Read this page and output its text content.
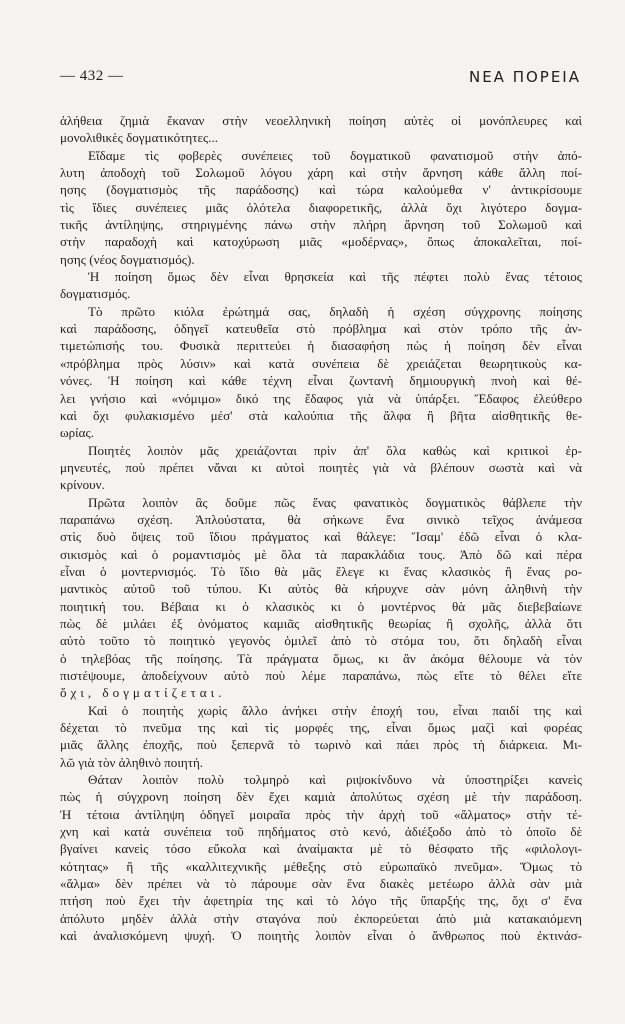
— 432 —	ΝΕΑ ΠΟΡΕΙΑ
ἀλήθεια ζημιὰ ἔκαναν στὴν νεοελληνικὴ ποίηση αὐτὲς οἱ μονόπλευρες καὶ
μονολιθικὲς δογματικότητες...
Εἴδαμε τὶς φοβερὲς συνέπειες τοῦ δογματικοῦ φανατισμοῦ στὴν ἀπό-
λυτη ἀποδοχὴ τοῦ Σολωμοῦ λόγου χάρη καὶ στὴν ἄρνηση κάθε ἄλλη ποί-
ησης (δογματισμὸς τῆς παράδοσης) καὶ τώρα καλούμεθα ν' ἀντικρίσουμε
τὶς ἴδιες συνέπειες μιᾶς ὁλότελα διαφορετικῆς, ἀλλὰ ὄχι λιγότερο δογμα-
τικῆς ἀντίληψης, στηριγμένης πάνω στὴν πλήρη ἄρνηση τοῦ Σολωμοῦ καὶ
στὴν παραδοχὴ καὶ κατοχύρωση μιᾶς «μοδέρνας», ὅπως ἀποκαλεῖται, ποί-
ησης (νέος δογματισμός).
Ἡ ποίηση ὅμως δὲν εἶναι θρησκεία καὶ τῆς πέφτει πολὺ ἕνας τέτοιος
δογματισμός.
Τὸ πρῶτο κιόλα ἐρώτημά σας, δηλαδὴ ἡ σχέση σύγχρονης ποίησης
καὶ παράδοσης, ὁδηγεῖ κατευθεῖα στὸ πρόβλημα καὶ στὸν τρόπο τῆς ἀν-
τιμετώπισής του. Φυσικὰ περιττεύει ἡ διασαφήση πὼς ἡ ποίηση δὲν εἶναι
«πρόβλημα πρὸς λύσιν» καὶ κατὰ συνέπεια δὲ χρειάζεται θεωρητικοὺς κα-
νόνες. Ἡ ποίηση καὶ κάθε τέχνη εἶναι ζωντανὴ δημιουργικὴ πνοὴ καὶ θέ-
λει γνήσιο καὶ «νόμιμο» δικό της ἔδαφος γιὰ νὰ ὑπάρξει. Ἔδαφος ἐλεύθερο
καὶ ὄχι φυλακισμένο μέσ' στὰ καλούπια τῆς ἄλφα ἢ βῆτα αἰσθητικῆς θε-
ωρίας.
Ποιητὲς λοιπὸν μᾶς χρειάζονται πρὶν ἀπ' ὅλα καθὼς καὶ κριτικοὶ ἑρ-
μηνευτές, ποὺ πρέπει νἄναι κι αὐτοὶ ποιητὲς γιὰ νὰ βλέπουν σωστὰ καὶ νὰ
κρίνουν.
Πρῶτα λοιπὸν ἂς δοῦμε πῶς ἕνας φανατικὸς δογματικὸς θάβλεπε τὴν
παραπάνω σχέση. Ἁπλούστατα, θὰ σήκωνε ἕνα σινικὸ τεῖχος ἀνάμεσα
στὶς δυὸ ὄψεις τοῦ ἴδιου πράγματος καὶ θάλεγε: Ἴσαμ' ἐδῶ εἶναι ὁ κλα-
σικισμὸς καὶ ὁ ρομαντισμὸς μὲ ὅλα τὰ παρακλάδια τους. Ἀπὸ δῶ καὶ πέρα
εἶναι ὁ μοντερνισμός. Τὸ ἴδιο θὰ μᾶς ἔλεγε κι ἕνας κλασικὸς ἢ ἕνας ρο-
μαντικὸς αὐτοῦ τοῦ τύπου. Κι αὐτὸς θὰ κήρυχνε σὰν μόνη ἀληθινὴ τὴν
ποιητική του. Βέβαια κι ὁ κλασικὸς κι ὁ μοντέρνος θὰ μᾶς διεβεβαίωνε
πὼς δὲ μιλάει ἐξ ὀνόματος καμιᾶς αἰσθητικῆς θεωρίας ἢ σχολῆς, ἀλλὰ ὅτι
αὐτὸ τοῦτο τὸ ποιητικὸ γεγονὸς ὁμιλεῖ ἀπὸ τὸ στόμα του, ὅτι δηλαδὴ εἶναι
ὁ τηλεβόας τῆς ποίησης. Τὰ πράγματα ὅμως, κι ἂν ἀκόμα θέλουμε νὰ τὸν
πιστέψουμε, ἀποδείχνουν αὐτὸ ποὺ λέμε παραπάνω, πὼς εἴτε τὸ θέλει εἴτε
ὄχι, δογματίζεται.
Καὶ ὁ ποιητὴς χωρὶς ἄλλο ἀνήκει στὴν ἐποχή του, εἶναι παιδί της καὶ
δέχεται τὸ πνεῦμα της καὶ τὶς μορφές της, εἶναι ὅμως μαζὶ καὶ φορέας
μιᾶς ἄλλης ἐποχῆς, ποὺ ξεπερνᾶ τὸ τωρινὸ καὶ πάει πρὸς τὴ διάρκεια. Μι-
λῶ γιὰ τὸν ἀληθινὸ ποιητή.
Θάταν λοιπὸν πολὺ τολμηρὸ καὶ ριψοκίνδυνο νὰ ὑποστηρίξει κανεὶς
πὼς ἡ σύγχρονη ποίηση δὲν ἔχει καμιὰ ἀπολύτως σχέση μὲ τὴν παράδοση.
Ἡ τέτοια ἀντίληψη ὁδηγεῖ μοιραῖα πρὸς τὴν ἀρχὴ τοῦ «ἅλματος» στὴν τέ-
χνη καὶ κατὰ συνέπεια τοῦ πηδήματος στὸ κενό, ἀδιέξοδο ἀπὸ τὸ ὁποῖο δὲ
βγαίνει κανεὶς τόσο εὔκολα καὶ ἀναίμακτα μὲ τὸ θέσφατο τῆς «φιλολογι-
κότητας» ἢ τῆς «καλλιτεχνικῆς μέθεξης στὸ εὐρωπαϊκὸ πνεῦμα». Ὅμως τὸ
«ἅλμα» δὲν πρέπει νὰ τὸ πάρουμε σὰν ἕνα διακὲς μετέωρο ἀλλὰ σὰν μιὰ
πτήση ποὺ ἔχει τὴν ἀφετηρία της καὶ τὸ λόγο τῆς ὕπαρξής της, ὄχι σ' ἕνα
ἀπόλυτο μηδὲν ἀλλὰ στὴν σταγόνα ποὺ ἐκπορεύεται ἀπὸ μιὰ κατακαιόμενη
καὶ ἀναλισκόμενη ψυχή. Ὁ ποιητὴς λοιπὸν εἶναι ὁ ἄνθρωπος ποὺ ἐκτινάσ-
